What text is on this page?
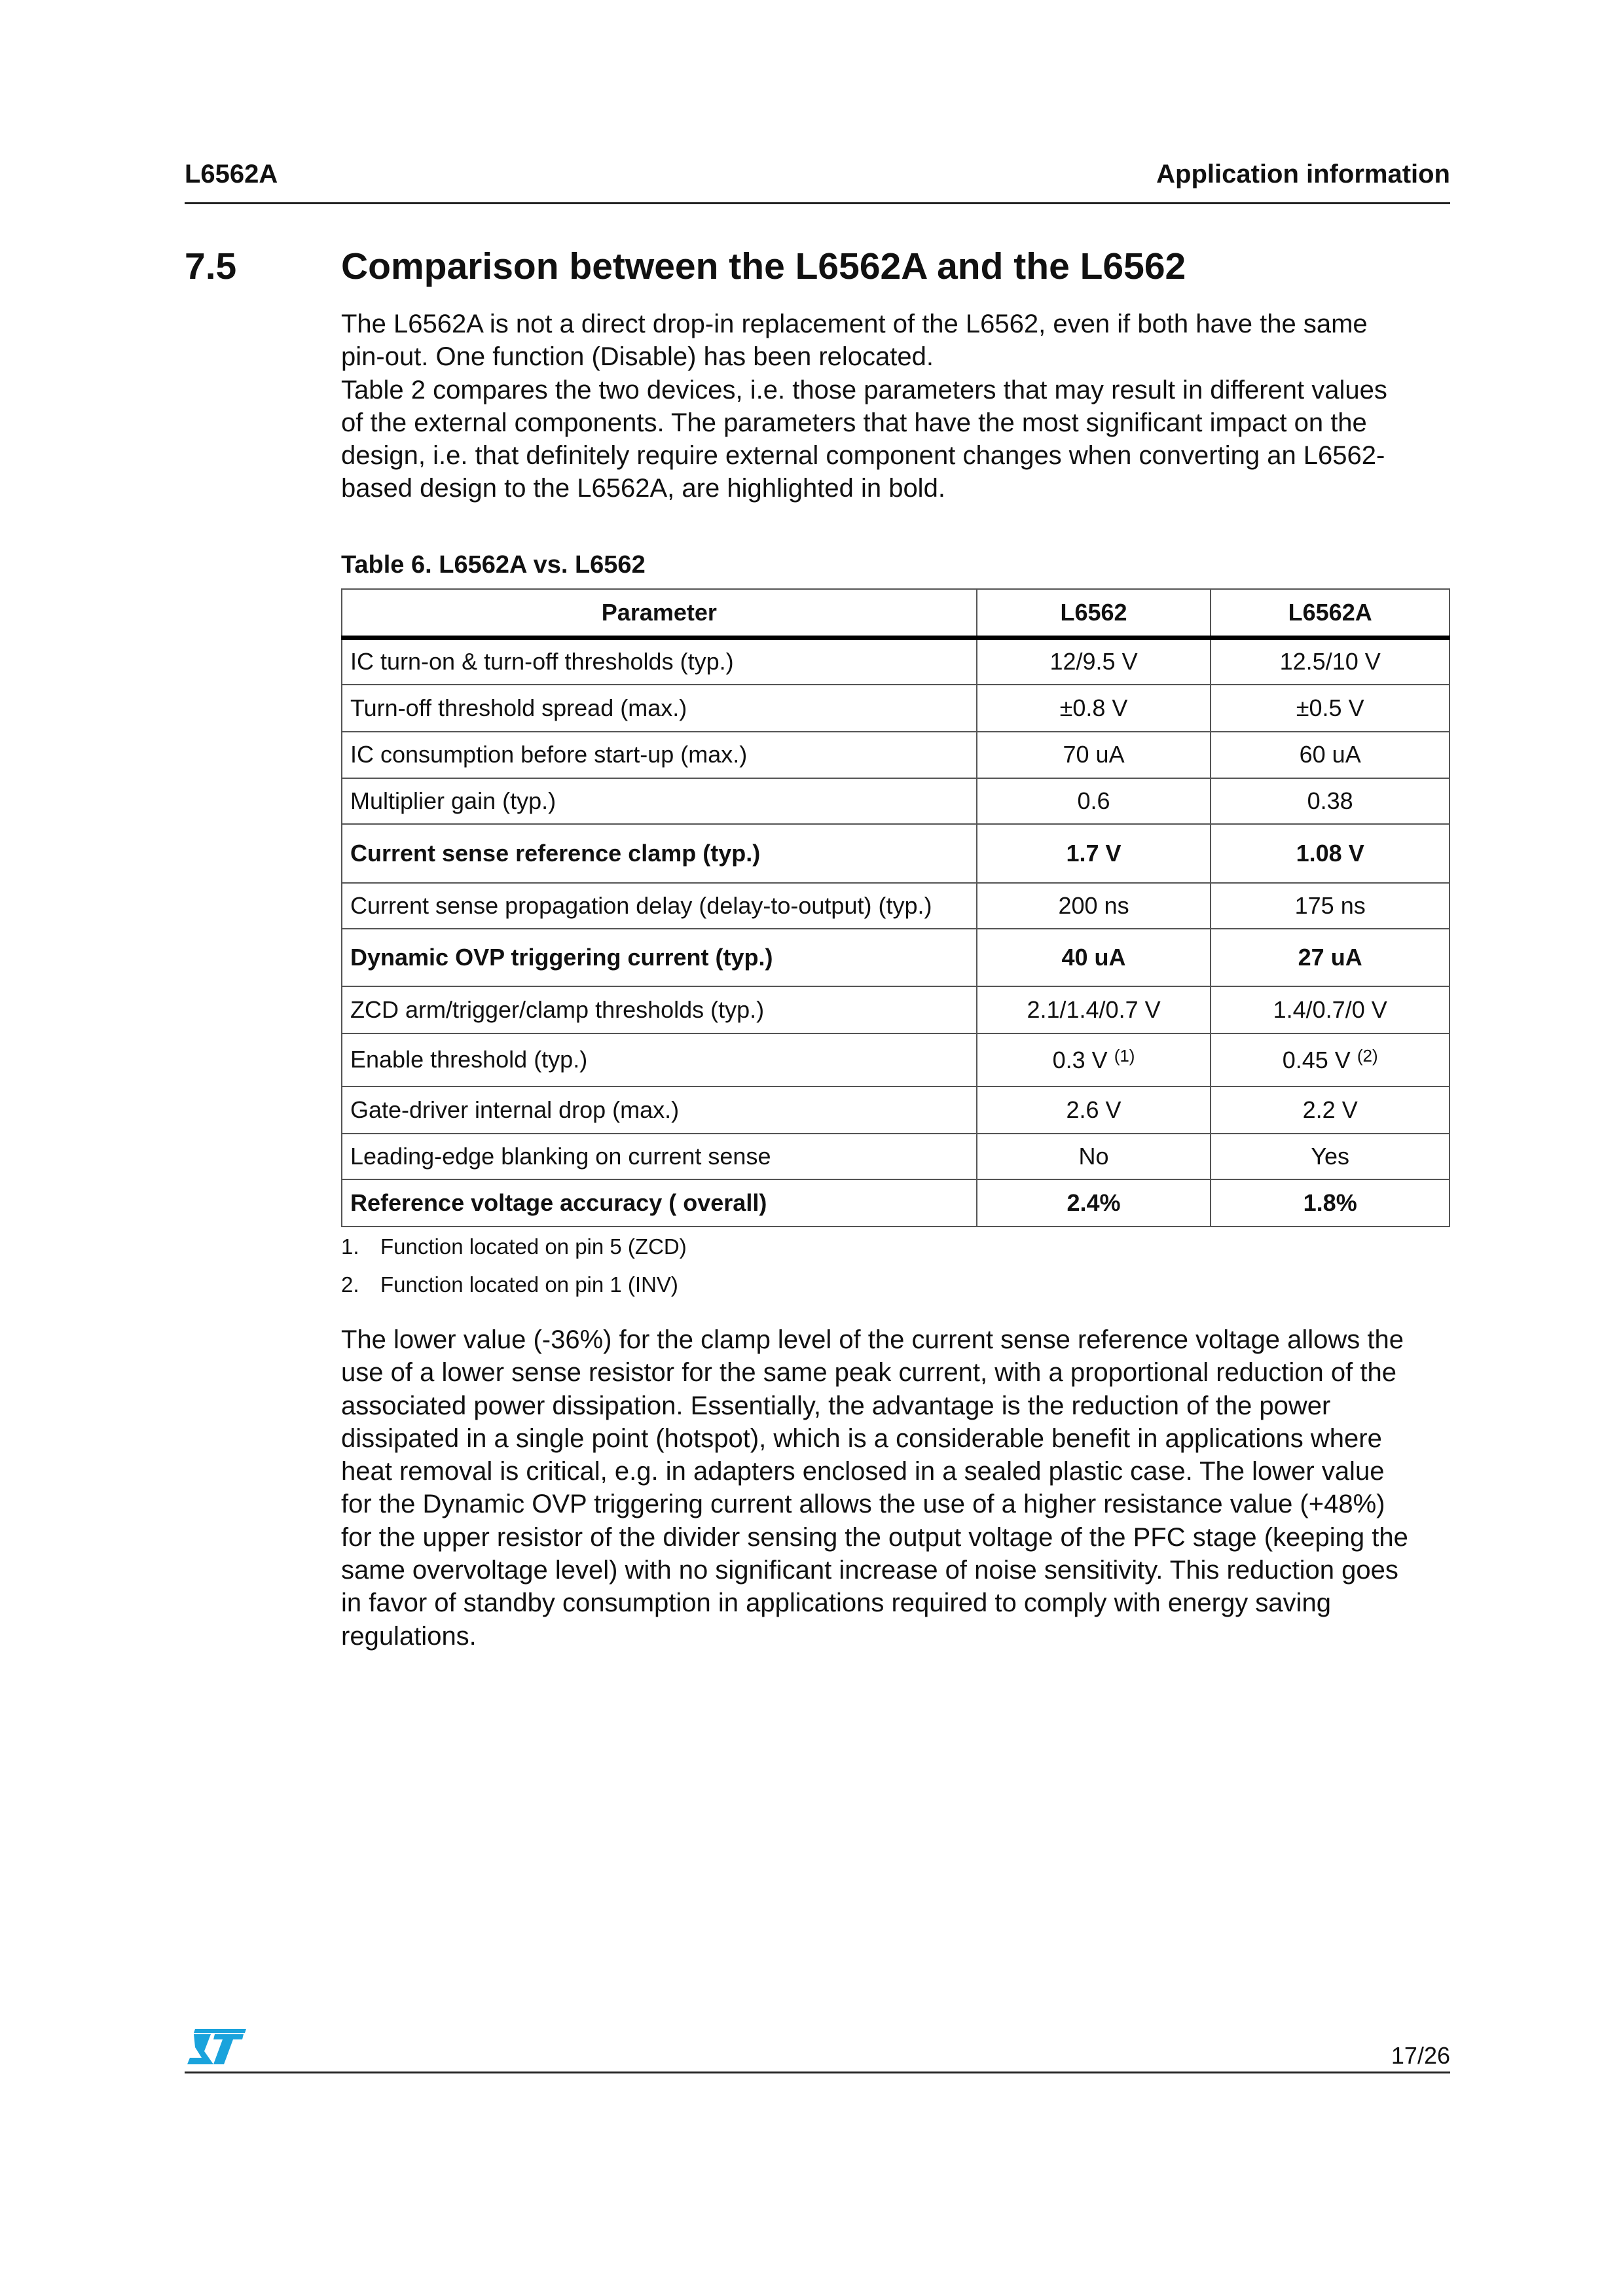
L6562A	Application information
7.5	Comparison between the L6562A and the L6562
The L6562A is not a direct drop-in replacement of the L6562, even if both have the same
pin-out. One function (Disable) has been relocated.
Table 2 compares the two devices, i.e. those parameters that may result in different values
of the external components. The parameters that have the most significant impact on the
design, i.e. that definitely require external component changes when converting an L6562-
based design to the L6562A, are highlighted in bold.
Table 6. L6562A vs. L6562
Parameter	L6562	L6562A
IC turn-on & turn-off thresholds (typ.)	12/9.5 V	12.5/10 V
Turn-off threshold spread (max.)	±0.8 V	±0.5 V
IC consumption before start-up (max.)	70 uA	60 uA
Multiplier gain (typ.)	0.6	0.38
Current sense reference clamp (typ.)	1.7 V	1.08 V
Current sense propagation delay (delay-to-output) (typ.)	200 ns	175 ns
Dynamic OVP triggering current (typ.)	40 uA	27 uA
ZCD arm/trigger/clamp thresholds (typ.)	2.1/1.4/0.7 V	1.4/0.7/0 V
Enable threshold (typ.)	0.3 V $^{(1)}$	0.45 V $^{(2)}$
Gate-driver internal drop (max.)	2.6 V	2.2 V
Leading-edge blanking on current sense	No	Yes
Reference voltage accuracy ( overall)	2.4%	1.8%
1. Function located on pin 5 (ZCD)
2. Function located on pin 1 (INV)
The lower value (-36%) for the clamp level of the current sense reference voltage allows the
use of a lower sense resistor for the same peak current, with a proportional reduction of the
associated power dissipation. Essentially, the advantage is the reduction of the power
dissipated in a single point (hotspot), which is a considerable benefit in applications where
heat removal is critical, e.g. in adapters enclosed in a sealed plastic case. The lower value
for the Dynamic OVP triggering current allows the use of a higher resistance value (+48%)
for the upper resistor of the divider sensing the output voltage of the PFC stage (keeping the
same overvoltage level) with no significant increase of noise sensitivity. This reduction goes
in favor of standby consumption in applications required to comply with energy saving
regulations.
17/26
